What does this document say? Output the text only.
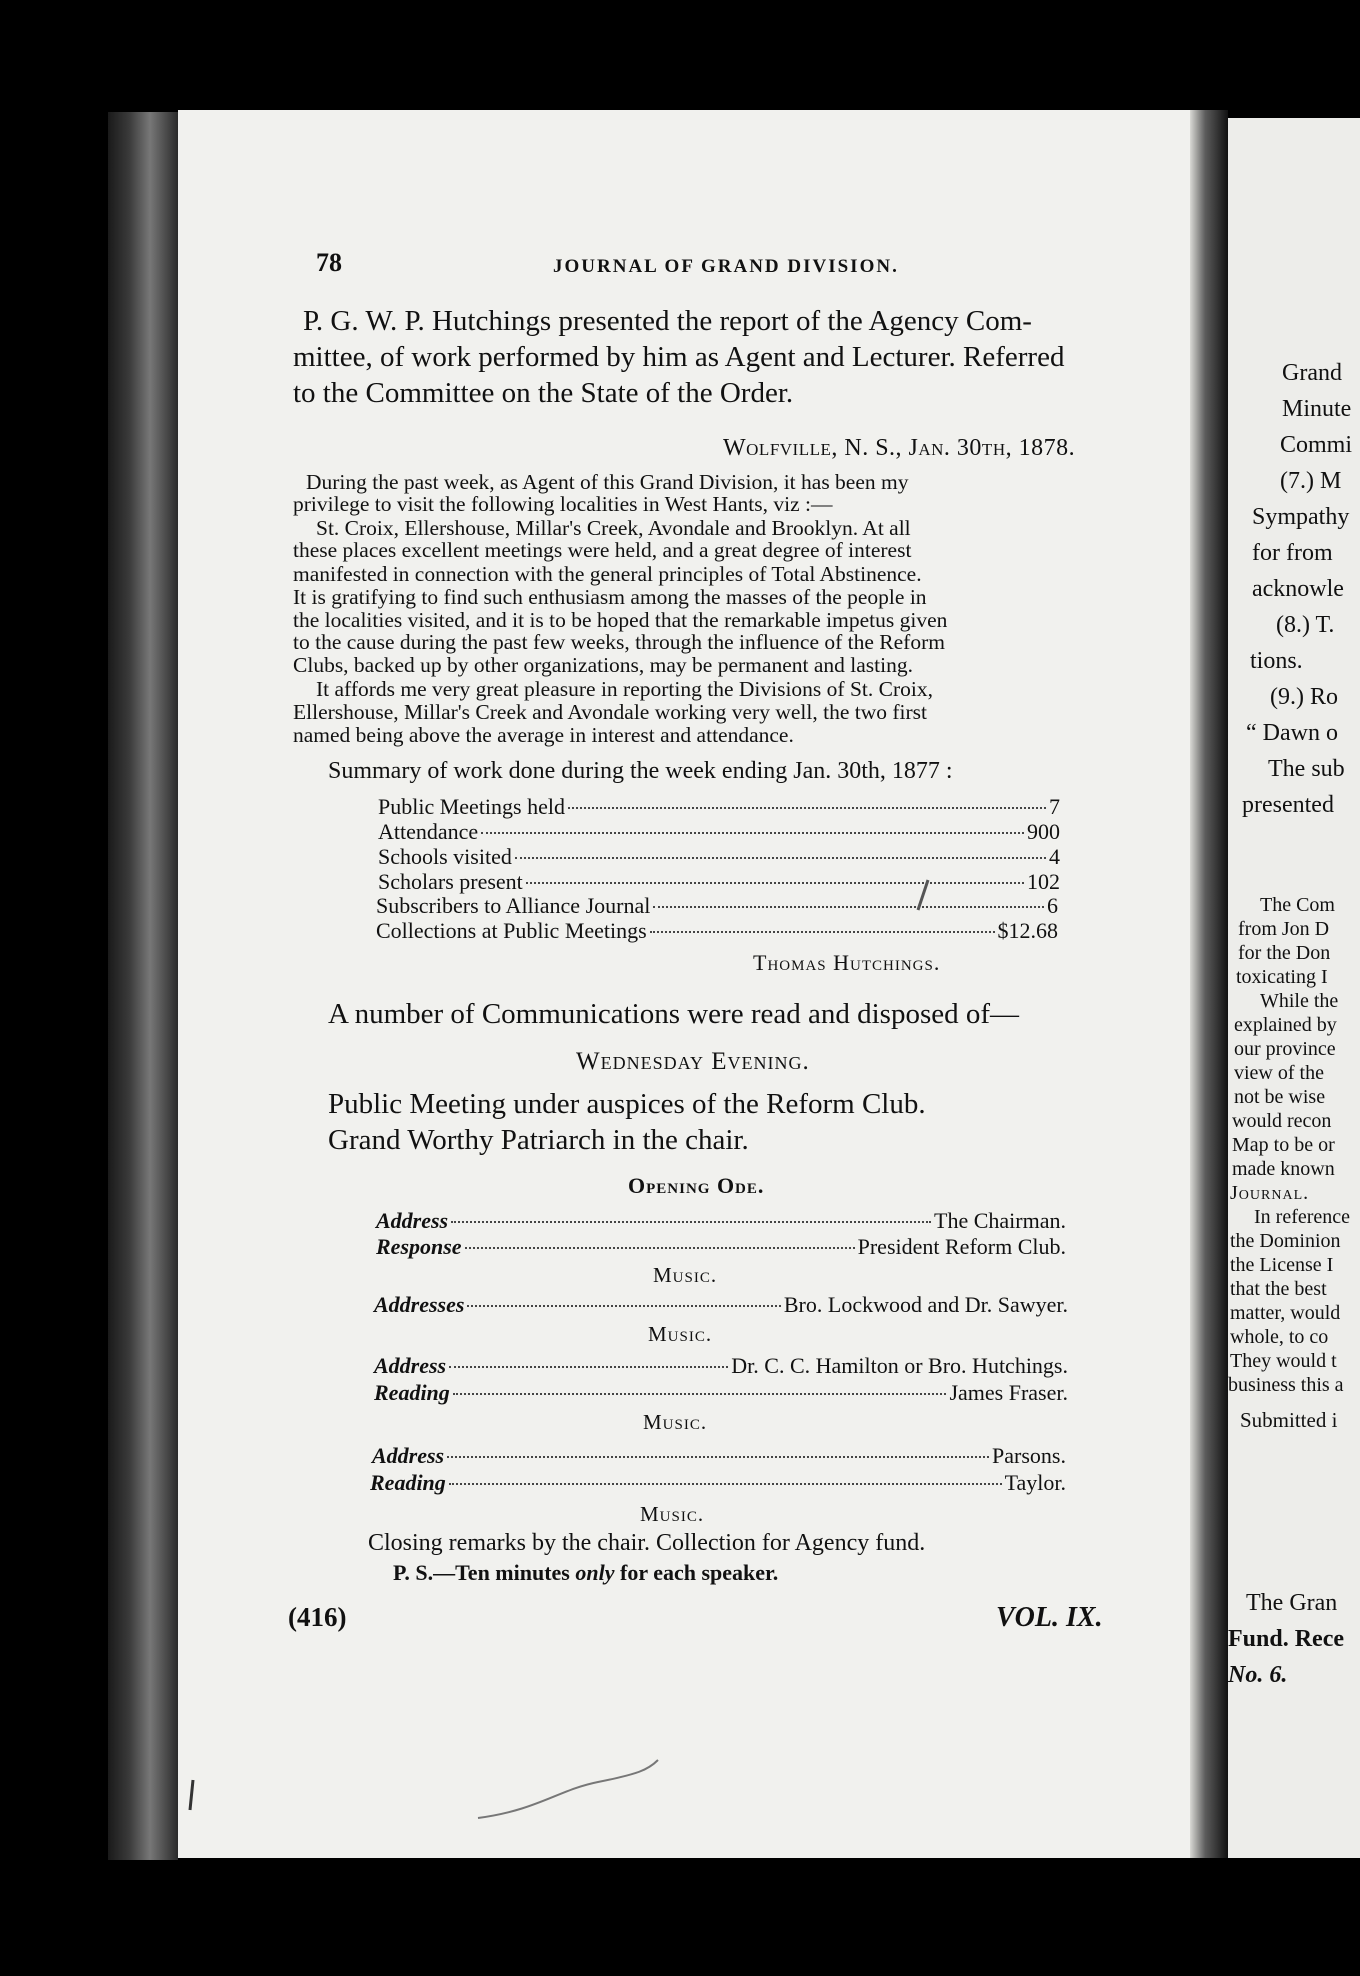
78	JOURNAL OF GRAND DIVISION.
P. G. W. P. Hutchings presented the report of the Agency Com-
mittee, of work performed by him as Agent and Lecturer. Referred
to the Committee on the State of the Order.
Wolfville, N. S., Jan. 30th, 1878.
During the past week, as Agent of this Grand Division, it has been my
privilege to visit the following localities in West Hants, viz :—
St. Croix, Ellershouse, Millar's Creek, Avondale and Brooklyn. At all
these places excellent meetings were held, and a great degree of interest
manifested in connection with the general principles of Total Abstinence.
It is gratifying to find such enthusiasm among the masses of the people in
the localities visited, and it is to be hoped that the remarkable impetus given
to the cause during the past few weeks, through the influence of the Reform
Clubs, backed up by other organizations, may be permanent and lasting.
It affords me very great pleasure in reporting the Divisions of St. Croix,
Ellershouse, Millar's Creek and Avondale working very well, the two first
named being above the average in interest and attendance.
Summary of work done during the week ending Jan. 30th, 1877 :
Public Meetings held	7
Attendance	900
Schools visited	4
Scholars present	102
Subscribers to Alliance Journal	6
Collections at Public Meetings	$12.68
Thomas Hutchings.
A number of Communications were read and disposed of—
Wednesday Evening.
Public Meeting under auspices of the Reform Club.
Grand Worthy Patriarch in the chair.
Opening Ode.
Address	The Chairman.
Response	President Reform Club.
Music.
Addresses	Bro. Lockwood and Dr. Sawyer.
Music.
Address	Dr. C. C. Hamilton or Bro. Hutchings.
Reading	James Fraser.
Music.
Address	Parsons.
Reading	Taylor.
Music.
Closing remarks by the chair. Collection for Agency fund.
P. S.—Ten minutes only for each speaker.
(416)	VOL. IX.
Grand
Minute
Commi
(7.) M
Sympathy
for from
acknowle
(8.) T.
tions.
(9.) Ro
“ Dawn o
The sub
presented
The Com
from Jon D
for the Don
toxicating I
While the
explained by
our province
view of the
not be wise
would recon
Map to be or
made known
Journal.
In reference
the Dominion
the License I
that the best
matter, would
whole, to co
They would t
business this a
Submitted i
The Gran
Fund. Rece
No. 6.
